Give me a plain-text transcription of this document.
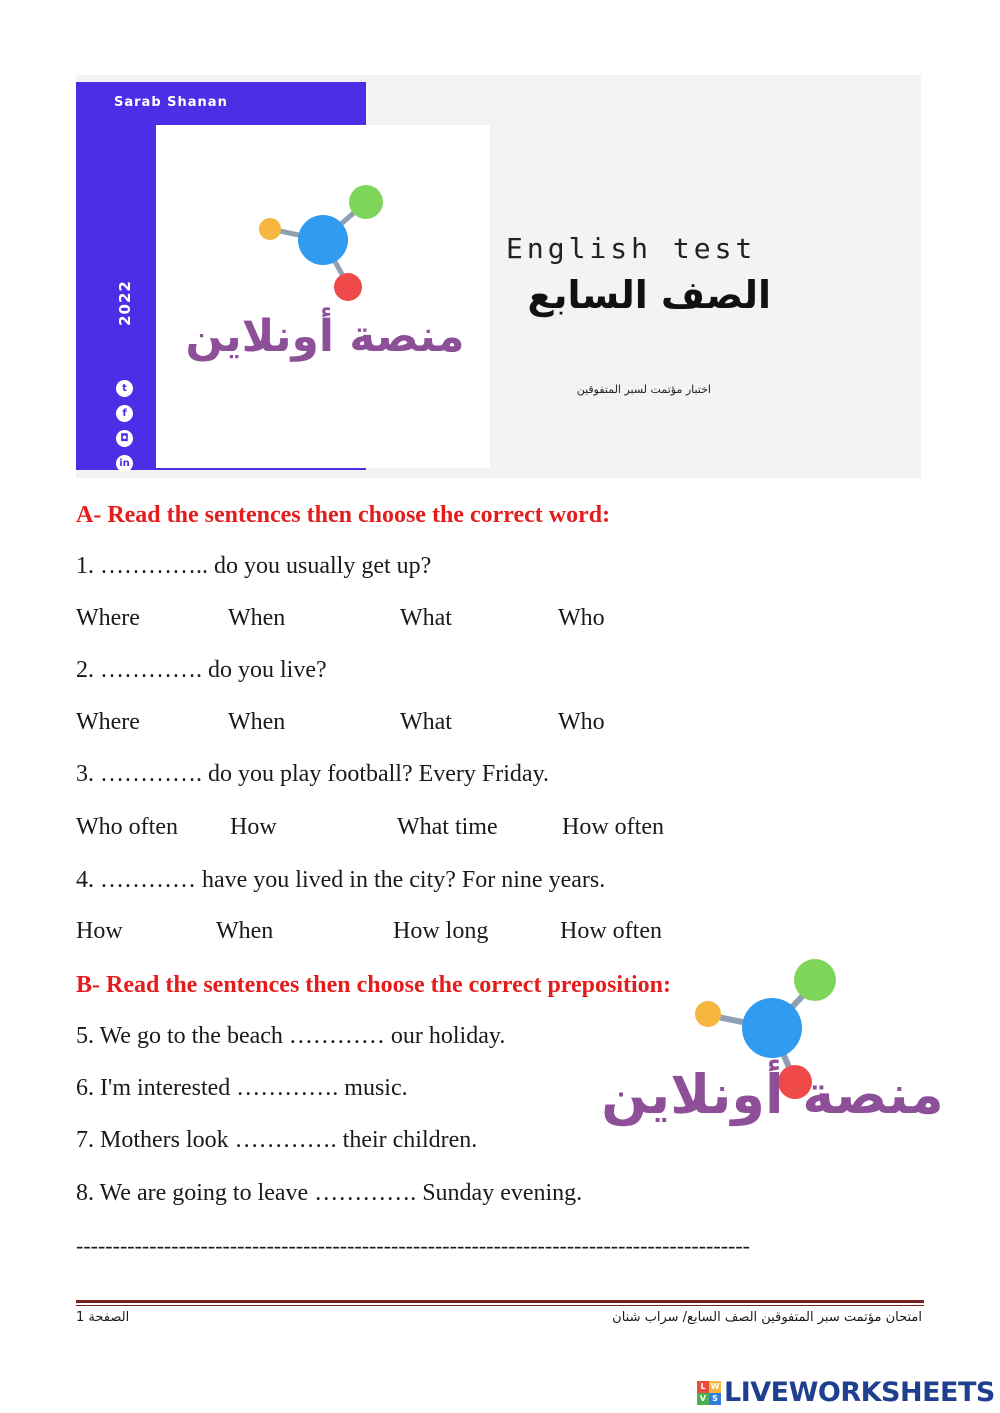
Sarab Shanan
2022
t
f
◘
in
منصة أونلاين
English test
الصف السابع
اختبار مؤتمت لسبر المتفوقين
A- Read the sentences then choose the correct word:
1. ………….. do you usually get up?
Where	When	What	Who
2. …………. do you live?
Where	When	What	Who
3. …………. do you play football? Every Friday.
Who often How	What time	How often
4. ………… have you lived in the city? For nine years.
How	When	How long	How often
منصة أونلاين
B- Read the sentences then choose the correct preposition:
5. We go to the beach ………… our holiday.
6. I'm interested …………. music.
7. Mothers look …………. their children.
8. We are going to leave …………. Sunday evening.
--------------------------------------------------------------------------------------------
امتحان مؤتمت سبر المتفوقين الصف السابع/ سراب شنان
الصفحة 1
L W
V S LIVEWORKSHEETS
